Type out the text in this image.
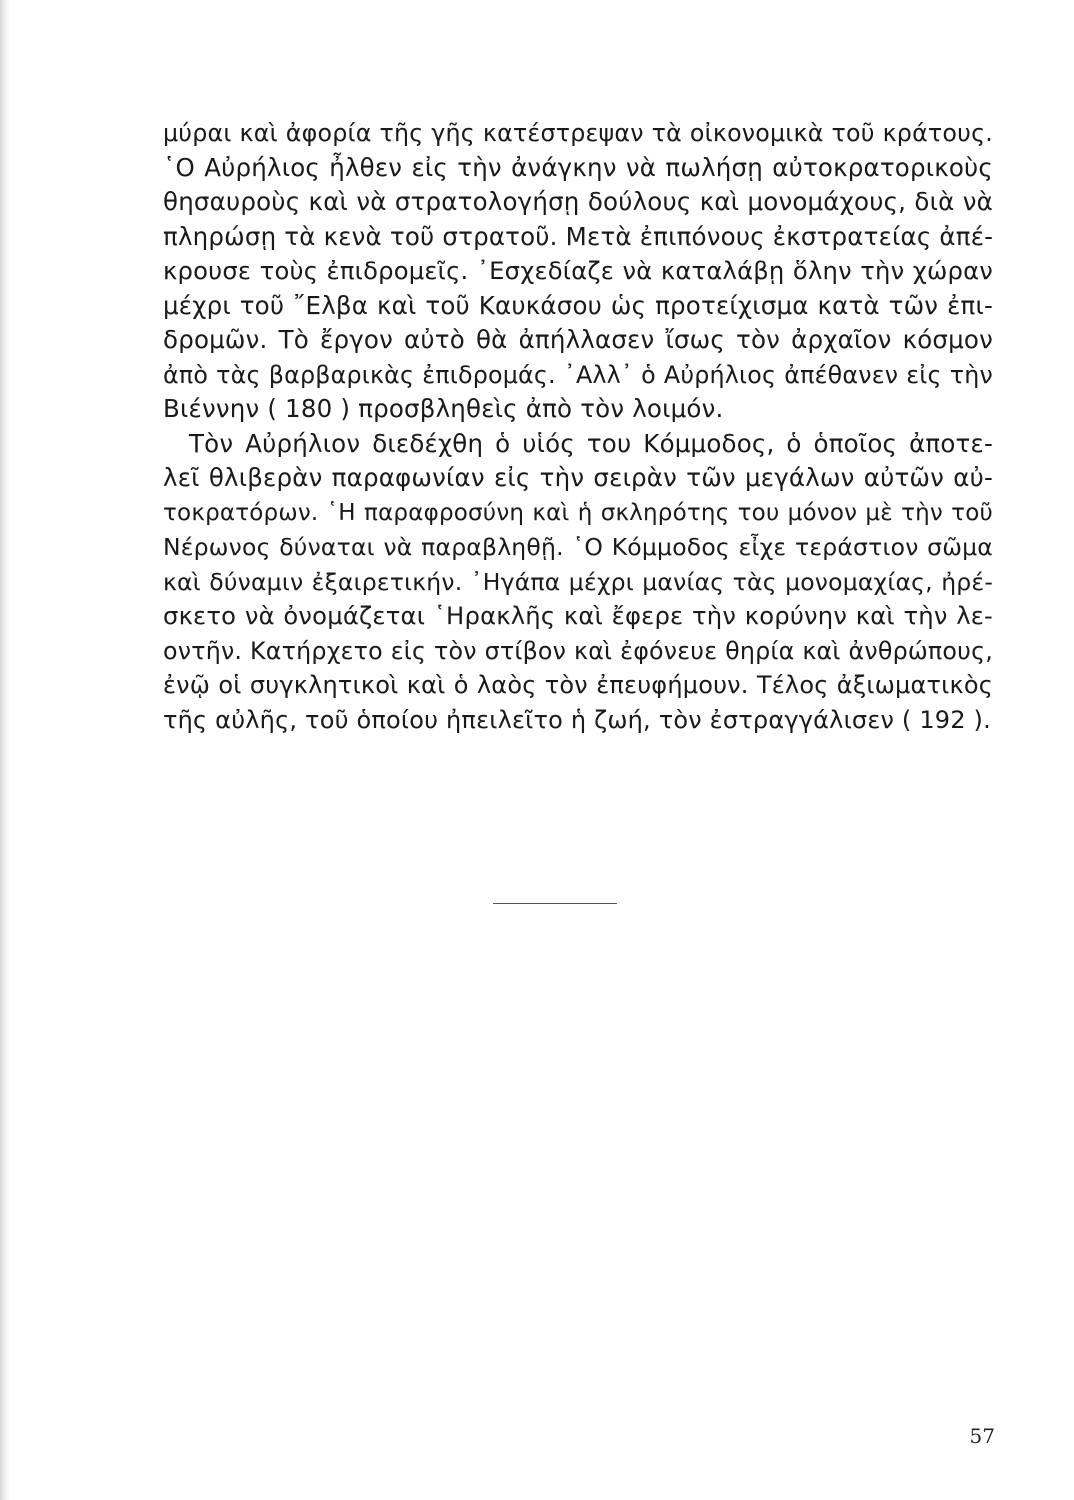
μύραι καὶ ἀφορία τῆς γῆς κατέστρεψαν τὰ οἰκονομικὰ τοῦ κράτους.
῾Ο Αὐρήλιος ἦλθεν εἰς τὴν ἀνάγκην νὰ πωλήσῃ αὐτοκρατορικοὺς
θησαυροὺς καὶ νὰ στρατολογήσῃ δούλους καὶ μονομάχους, διὰ νὰ
πληρώσῃ τὰ κενὰ τοῦ στρατοῦ. Μετὰ ἐπιπόνους ἐκστρατείας ἀπέ-
κρουσε τοὺς ἐπιδρομεῖς. ᾿Εσχεδίαζε νὰ καταλάβῃ ὅλην τὴν χώραν
μέχρι τοῦ ῎Ελβα καὶ τοῦ Καυκάσου ὡς προτείχισμα κατὰ τῶν ἐπι-
δρομῶν. Τὸ ἔργον αὐτὸ θὰ ἀπήλλασεν ἴσως τὸν ἀρχαῖον κόσμον
ἀπὸ τὰς βαρβαρικὰς ἐπιδρομάς. ᾿Αλλ᾿ ὁ Αὐρήλιος ἀπέθανεν εἰς τὴν
Βιέννην ( 180 ) προσβληθεὶς ἀπὸ τὸν λοιμόν.
Τὸν Αὐρήλιον διεδέχθη ὁ υἱός του Κόμμοδος, ὁ ὁποῖος ἀποτε-
λεῖ θλιβερὰν παραφωνίαν εἰς τὴν σειρὰν τῶν μεγάλων αὐτῶν αὐ-
τοκρατόρων. ῾Η παραφροσύνη καὶ ἡ σκληρότης του μόνον μὲ τὴν τοῦ
Νέρωνος δύναται νὰ παραβληθῇ. ῾Ο Κόμμοδος εἶχε τεράστιον σῶμα
καὶ δύναμιν ἐξαιρετικήν. ᾿Ηγάπα μέχρι μανίας τὰς μονομαχίας, ἠρέ-
σκετο νὰ ὀνομάζεται ῾Ηρακλῆς καὶ ἔφερε τὴν κορύνην καὶ τὴν λε-
οντῆν. Κατήρχετο εἰς τὸν στίβον καὶ ἐφόνευε θηρία καὶ ἀνθρώπους,
ἐνῷ οἱ συγκλητικοὶ καὶ ὁ λαὸς τὸν ἐπευφήμουν. Τέλος ἀξιωματικὸς
τῆς αὐλῆς, τοῦ ὁποίου ἠπειλεῖτο ἡ ζωή, τὸν ἐστραγγάλισεν ( 192 ).
57
